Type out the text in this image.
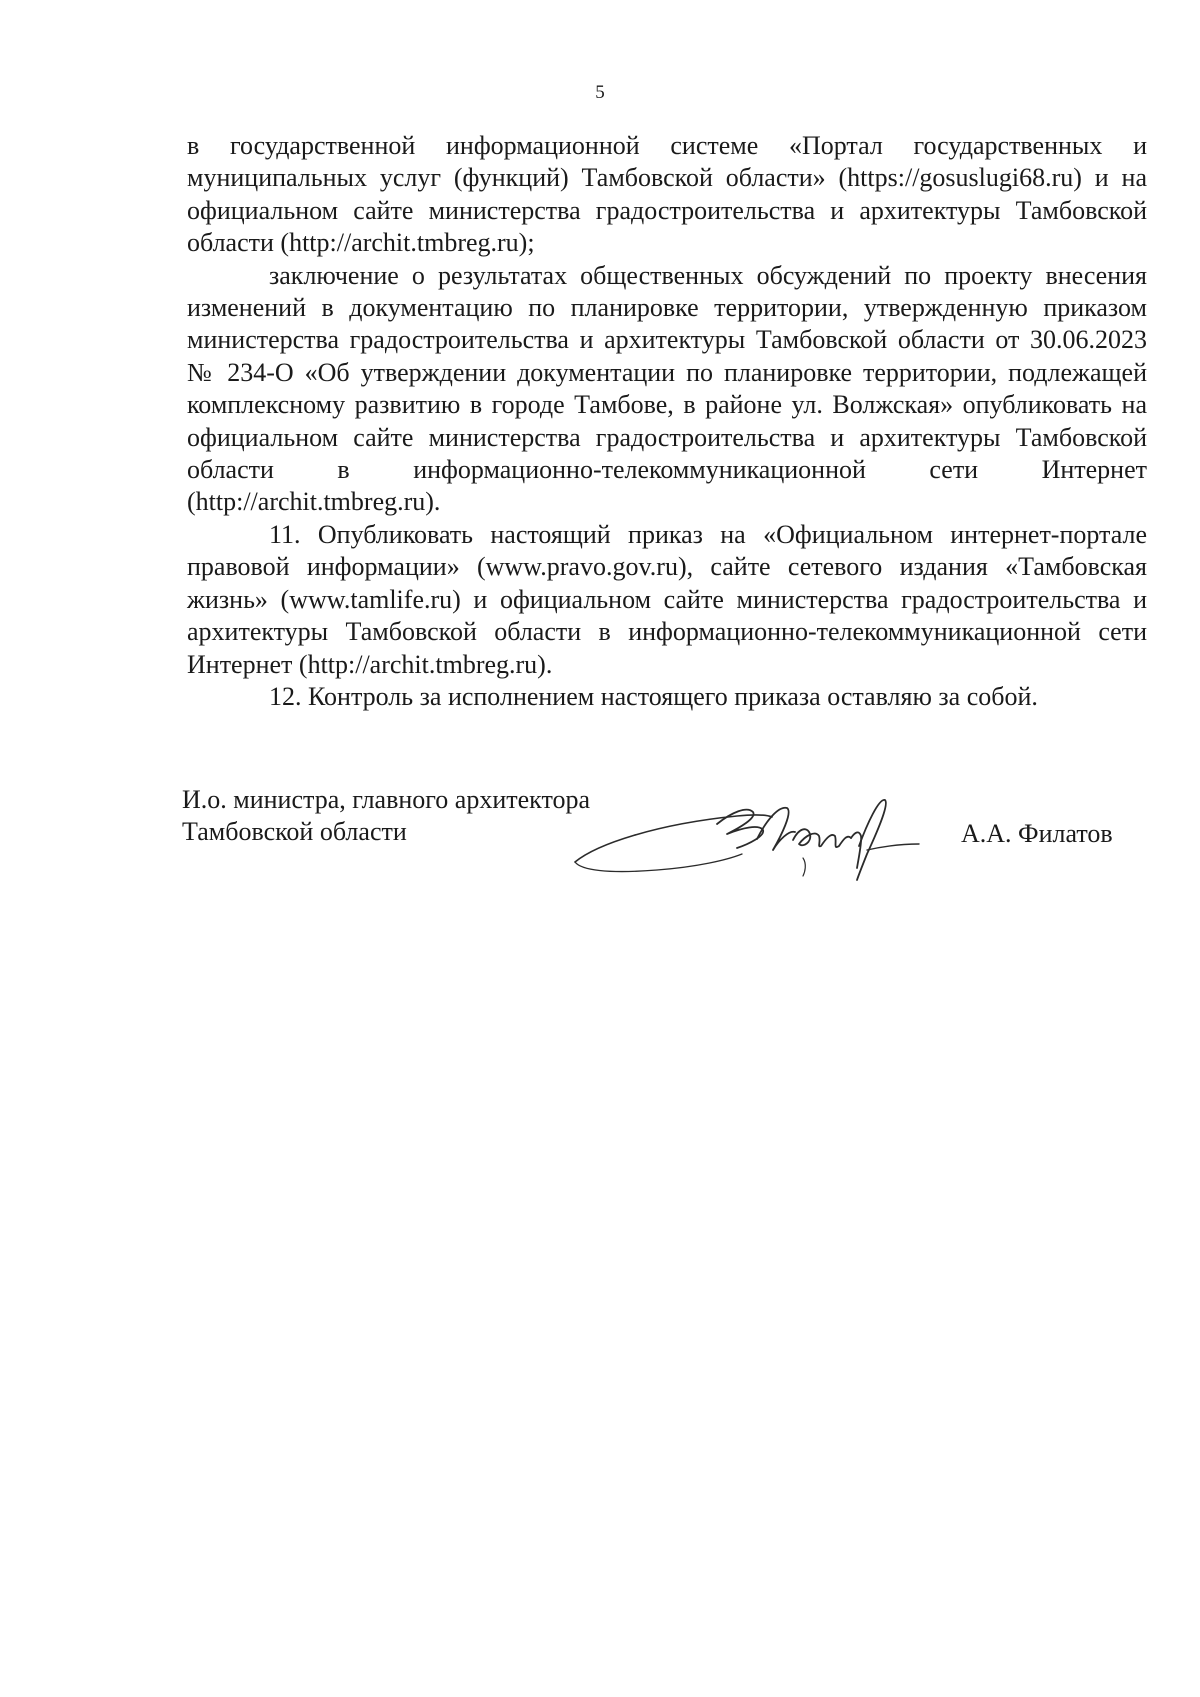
5

в государственной информационной системе «Портал государственных и муниципальных услуг (функций) Тамбовской области» (https://gosuslugi68.ru) и на официальном сайте министерства градостроительства и архитектуры Тамбовской области (http://archit.tmbreg.ru);

заключение о результатах общественных обсуждений по проекту внесения изменений в документацию по планировке территории, утвержденную приказом министерства градостроительства и архитектуры Тамбовской области от 30.06.2023 № 234-О «Об утверждении документации по планировке территории, подлежащей комплексному развитию в городе Тамбове, в районе ул. Волжская» опубликовать на официальном сайте министерства градостроительства и архитектуры Тамбовской области в информационно-телекоммуникационной сети Интернет (http://archit.tmbreg.ru).

11. Опубликовать настоящий приказ на «Официальном интернет-портале правовой информации» (www.pravo.gov.ru), сайте сетевого издания «Тамбовская жизнь» (www.tamlife.ru) и официальном сайте министерства градостроительства и архитектуры Тамбовской области в информационно-телекоммуникационной сети Интернет (http://archit.tmbreg.ru).

12. Контроль за исполнением настоящего приказа оставляю за собой.

И.о. министра, главного архитектора
Тамбовской области	А.А. Филатов
